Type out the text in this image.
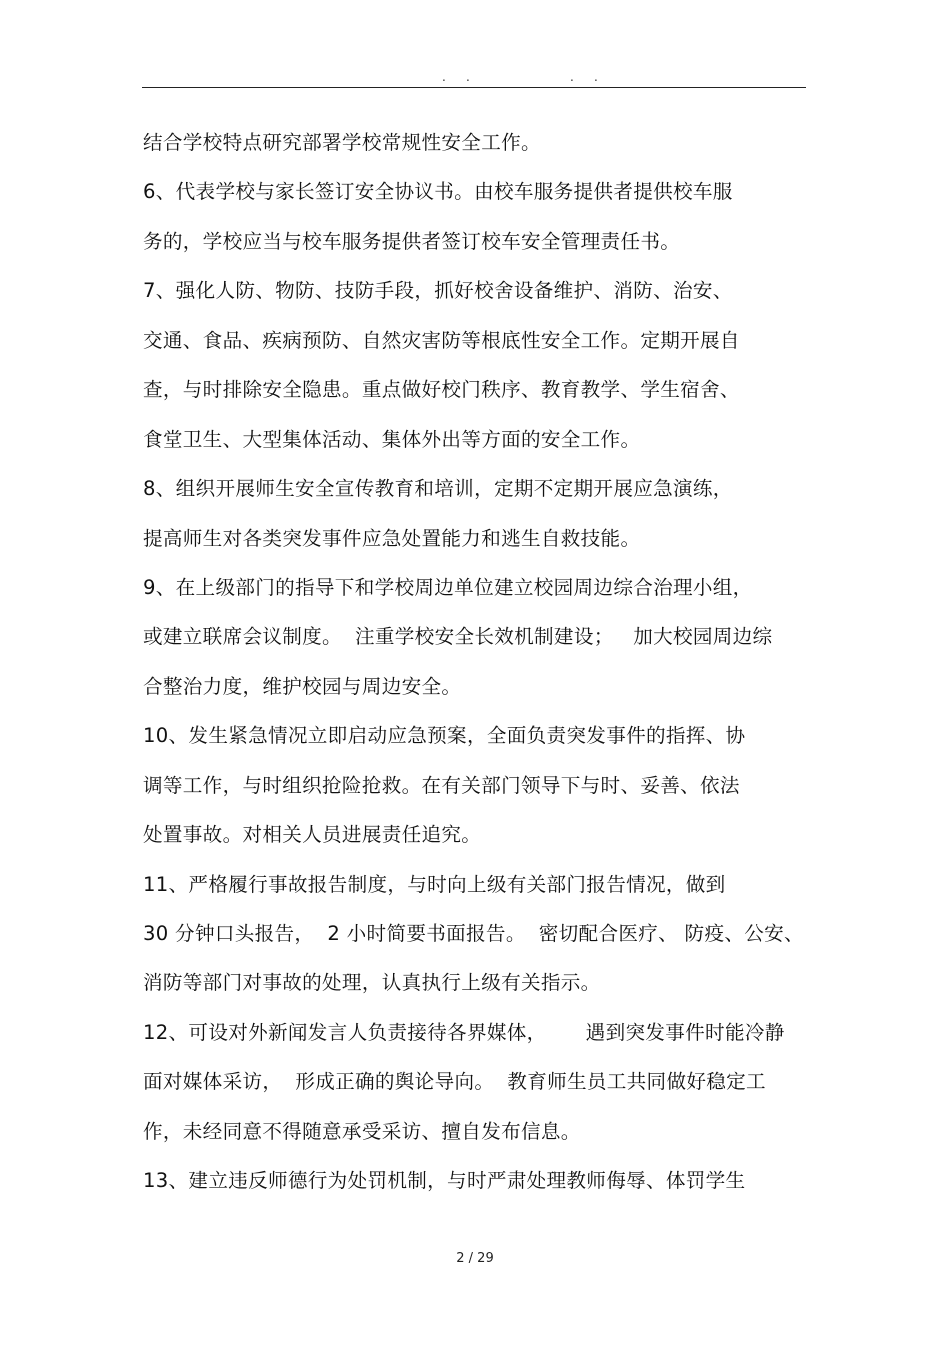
. .	. .
结合学校特点研究部署学校常规性安全工作。
6、代表学校与家长签订安全协议书。由校车服务提供者提供校车服
务的，学校应当与校车服务提供者签订校车安全管理责任书。
7、强化人防、物防、技防手段，抓好校舍设备维护、消防、治安、
交通、食品、疾病预防、自然灾害防等根底性安全工作。定期开展自
查，与时排除安全隐患。重点做好校门秩序、教育教学、学生宿舍、
食堂卫生、大型集体活动、集体外出等方面的安全工作。
8、组织开展师生安全宣传教育和培训，定期不定期开展应急演练，
提高师生对各类突发事件应急处置能力和逃生自救技能。
9、在上级部门的指导下和学校周边单位建立校园周边综合治理小组，
或建立联席会议制度。  注重学校安全长效机制建设；   加大校园周边综
合整治力度，维护校园与周边安全。
10、发生紧急情况立即启动应急预案，全面负责突发事件的指挥、协
调等工作，与时组织抢险抢救。在有关部门领导下与时、妥善、依法
处置事故。对相关人员进展责任追究。
11、严格履行事故报告制度，与时向上级有关部门报告情况，做到
30 分钟口头报告，  2 小时简要书面报告。  密切配合医疗、 防疫、公安、
消防等部门对事故的处理，认真执行上级有关指示。
12、可设对外新闻发言人负责接待各界媒体，      遇到突发事件时能冷静
面对媒体采访，  形成正确的舆论导向。  教育师生员工共同做好稳定工
作，未经同意不得随意承受采访、擅自发布信息。
13、建立违反师德行为处罚机制，与时严肃处理教师侮辱、体罚学生
2 / 29
